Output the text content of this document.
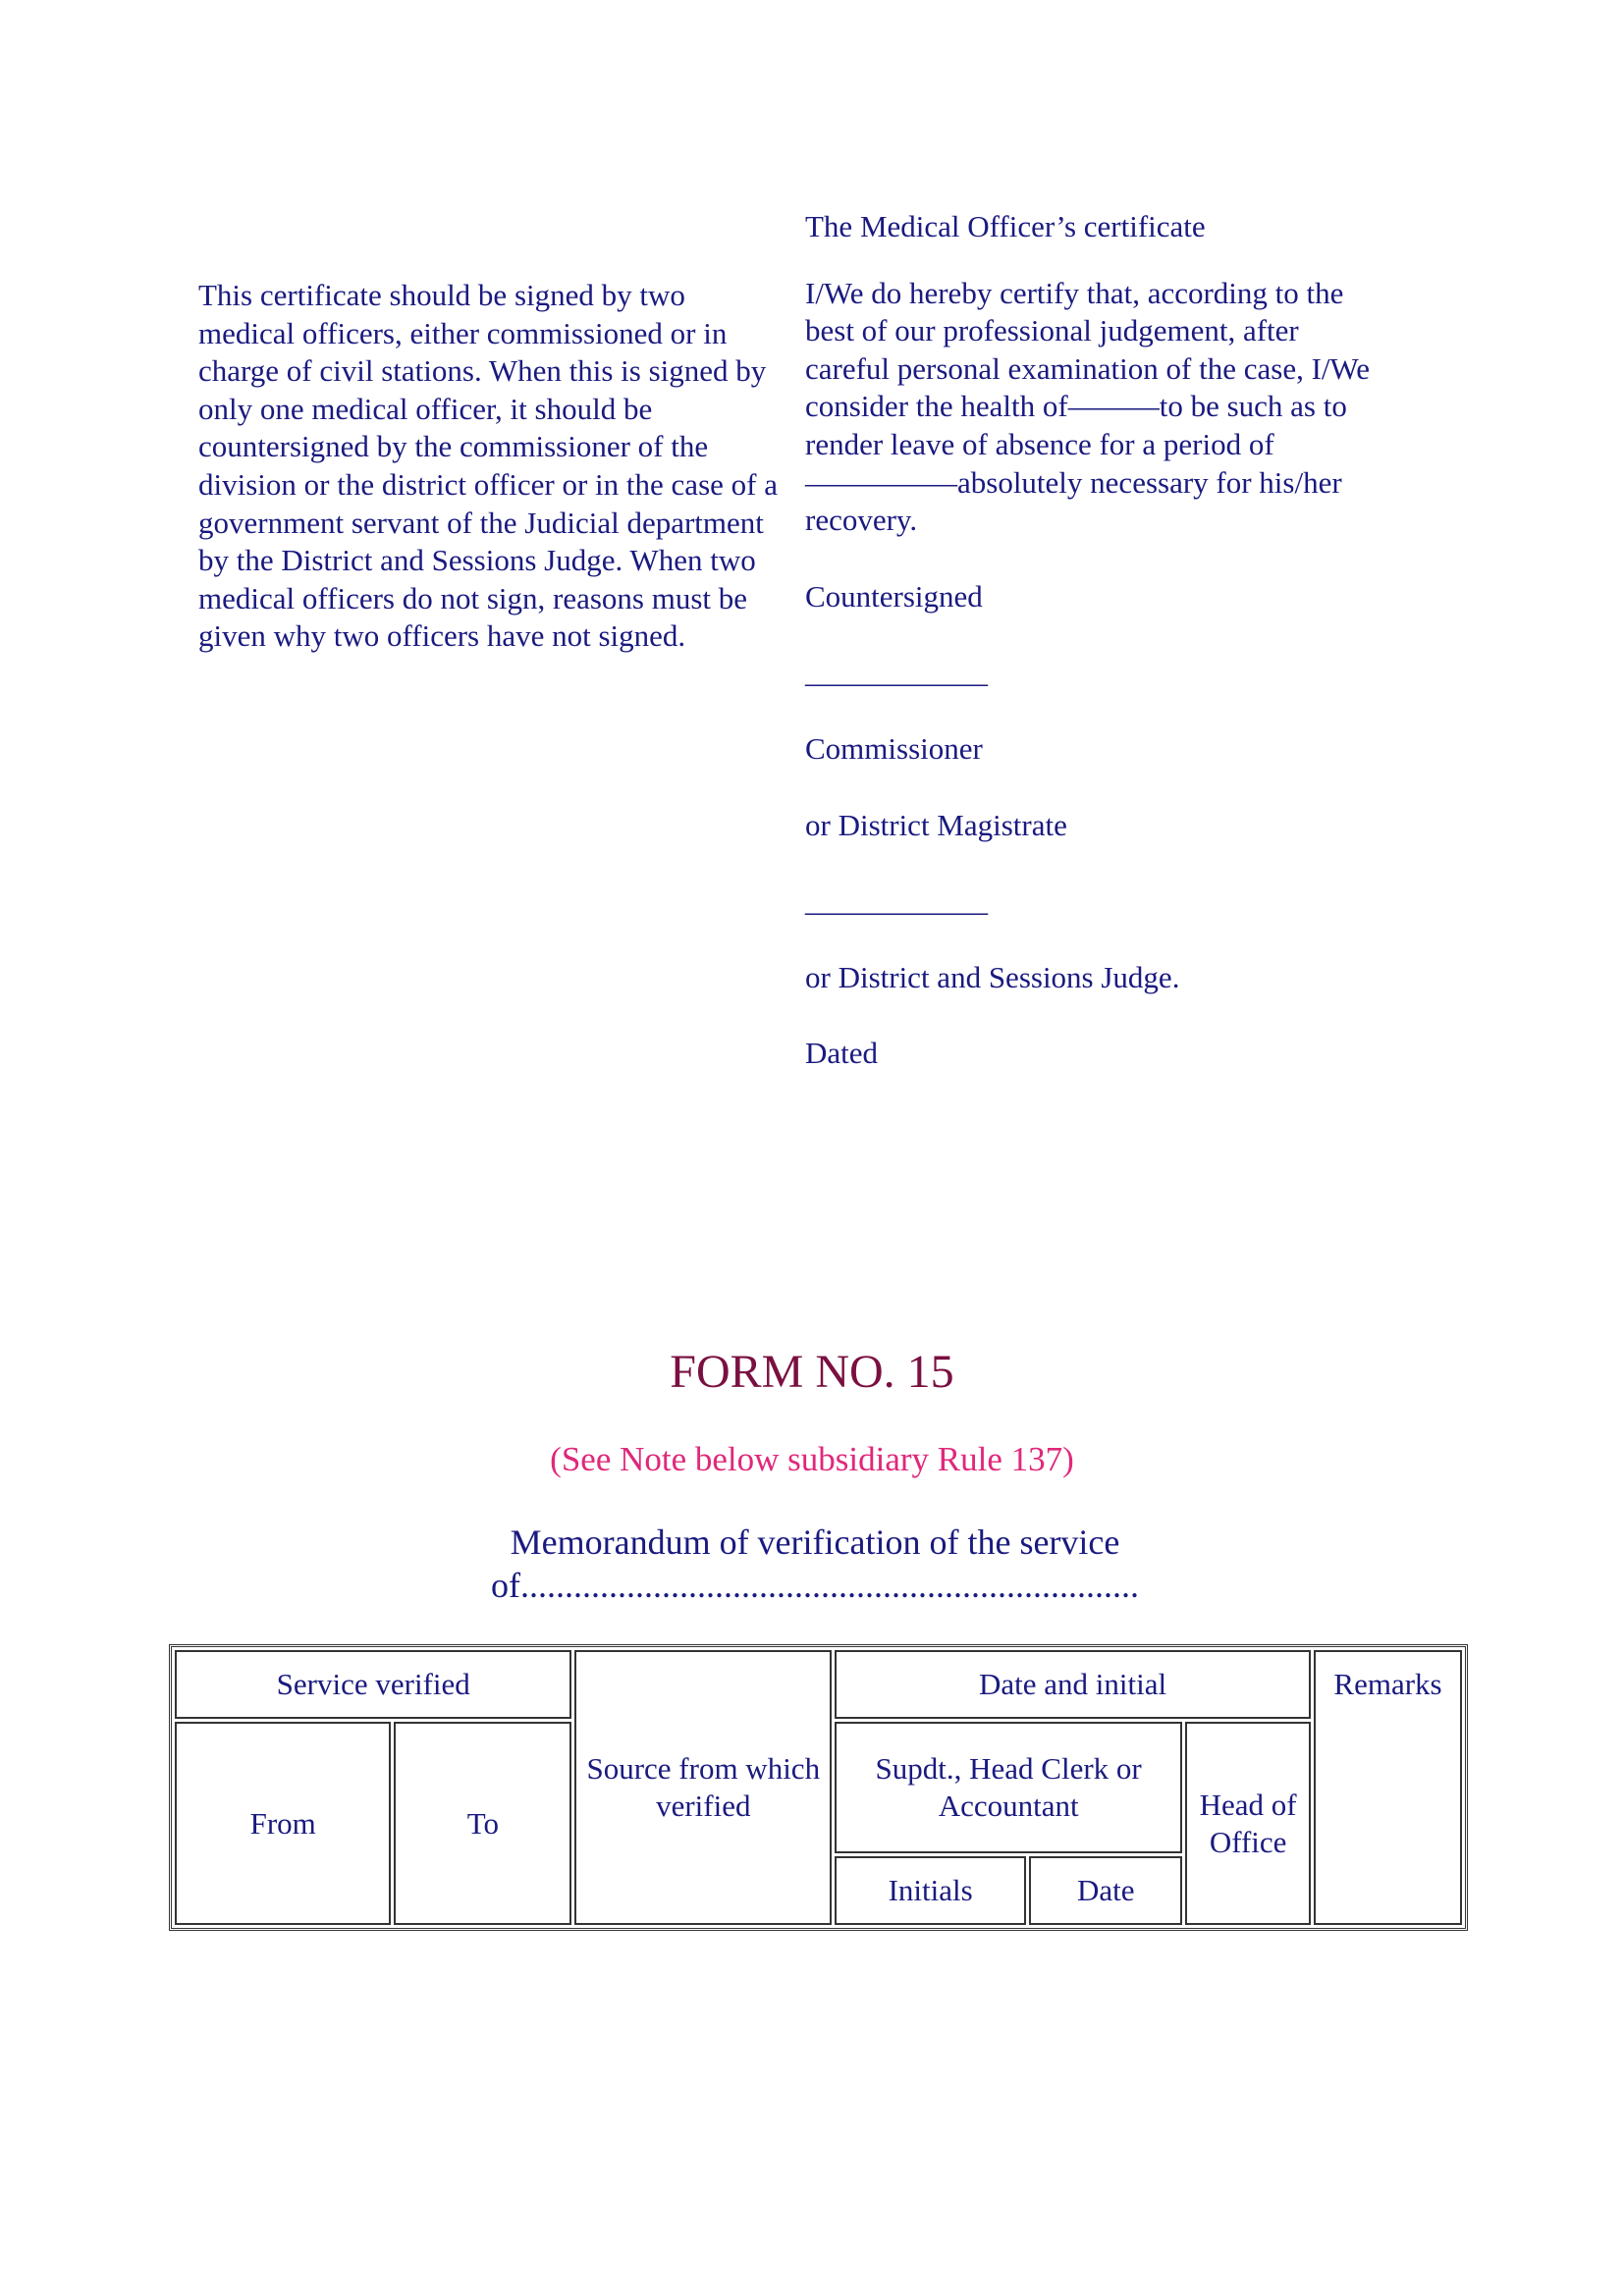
This certificate should be signed by two medical officers, either commissioned or in charge of civil stations. When this is signed by only one medical officer, it should be countersigned by the commissioner of the division or the district officer or in the case of a government servant of the Judicial department by the District and Sessions Judge. When two medical officers do not sign, reasons must be given why two officers have not signed.

The Medical Officer’s certificate

I/We do hereby certify that, according to the best of our professional judgement, after careful personal examination of the case, I/We consider the health of———to be such as to render leave of absence for a period of—————absolutely necessary for his/her recovery.

Countersigned

____________

Commissioner

or District Magistrate

____________

or District and Sessions Judge.

Dated

FORM NO. 15
(See Note below subsidiary Rule 137)
Memorandum of verification of the service of......................................................................
Service verified		Source from which verified	Date and initial			Remarks
From	To		Supdt., Head Clerk or Accountant		Head of Office	
			Initials	Date		
